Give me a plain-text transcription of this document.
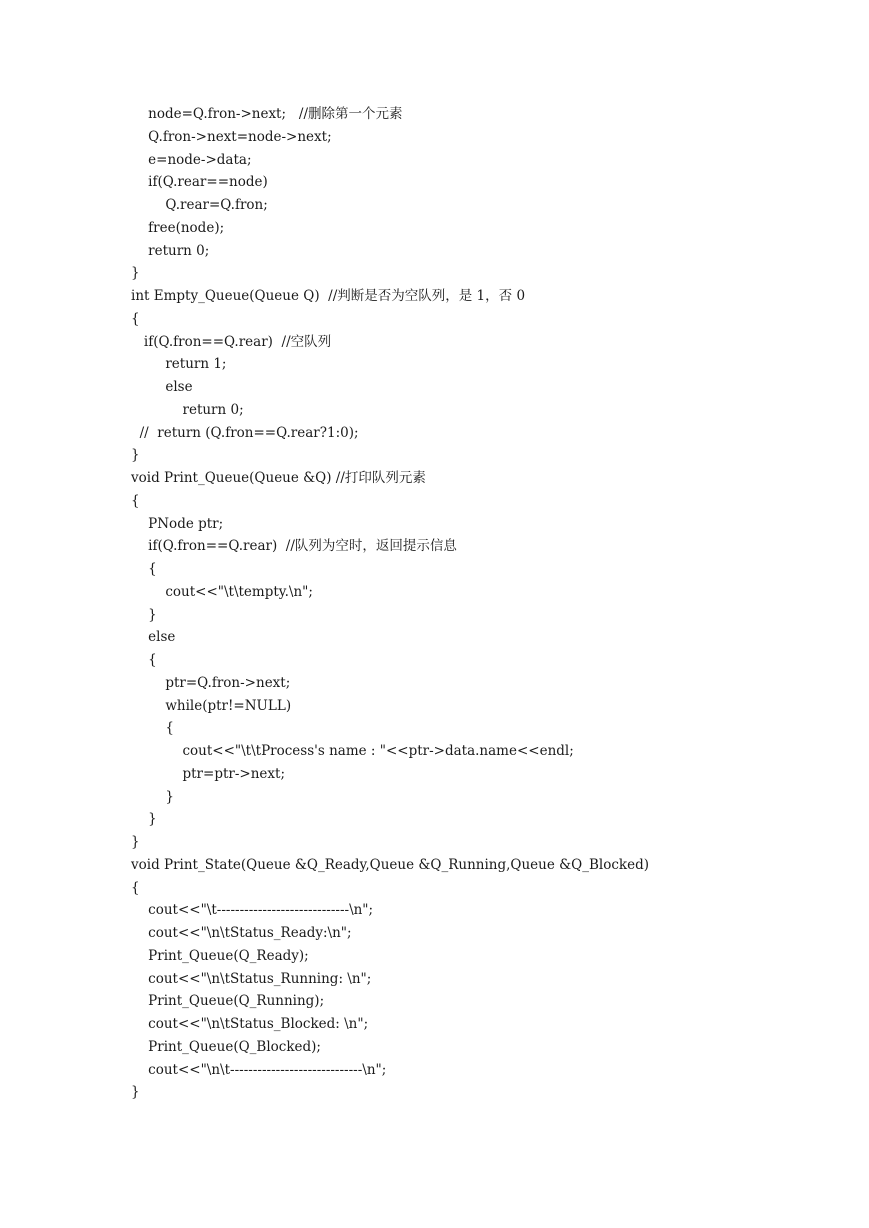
node=Q.fron->next;   //删除第一个元素
Q.fron->next=node->next;
e=node->data;
if(Q.rear==node)
Q.rear=Q.fron;
free(node);
return 0;
}
int Empty_Queue(Queue Q)  //判断是否为空队列，是 1，否 0
{
if(Q.fron==Q.rear)  //空队列
return 1;
else
return 0;
//  return (Q.fron==Q.rear?1:0);
}
void Print_Queue(Queue &Q) //打印队列元素
{
PNode ptr;
if(Q.fron==Q.rear)  //队列为空时，返回提示信息
{
cout<<"\t\tempty.\n";
}
else
{
ptr=Q.fron->next;
while(ptr!=NULL)
{
cout<<"\t\tProcess's name : "<<ptr->data.name<<endl;
ptr=ptr->next;
}
}
}
void Print_State(Queue &Q_Ready,Queue &Q_Running,Queue &Q_Blocked)
{
cout<<"\t-----------------------------\n";
cout<<"\n\tStatus_Ready:\n";
Print_Queue(Q_Ready);
cout<<"\n\tStatus_Running: \n";
Print_Queue(Q_Running);
cout<<"\n\tStatus_Blocked: \n";
Print_Queue(Q_Blocked);
cout<<"\n\t-----------------------------\n";
}
